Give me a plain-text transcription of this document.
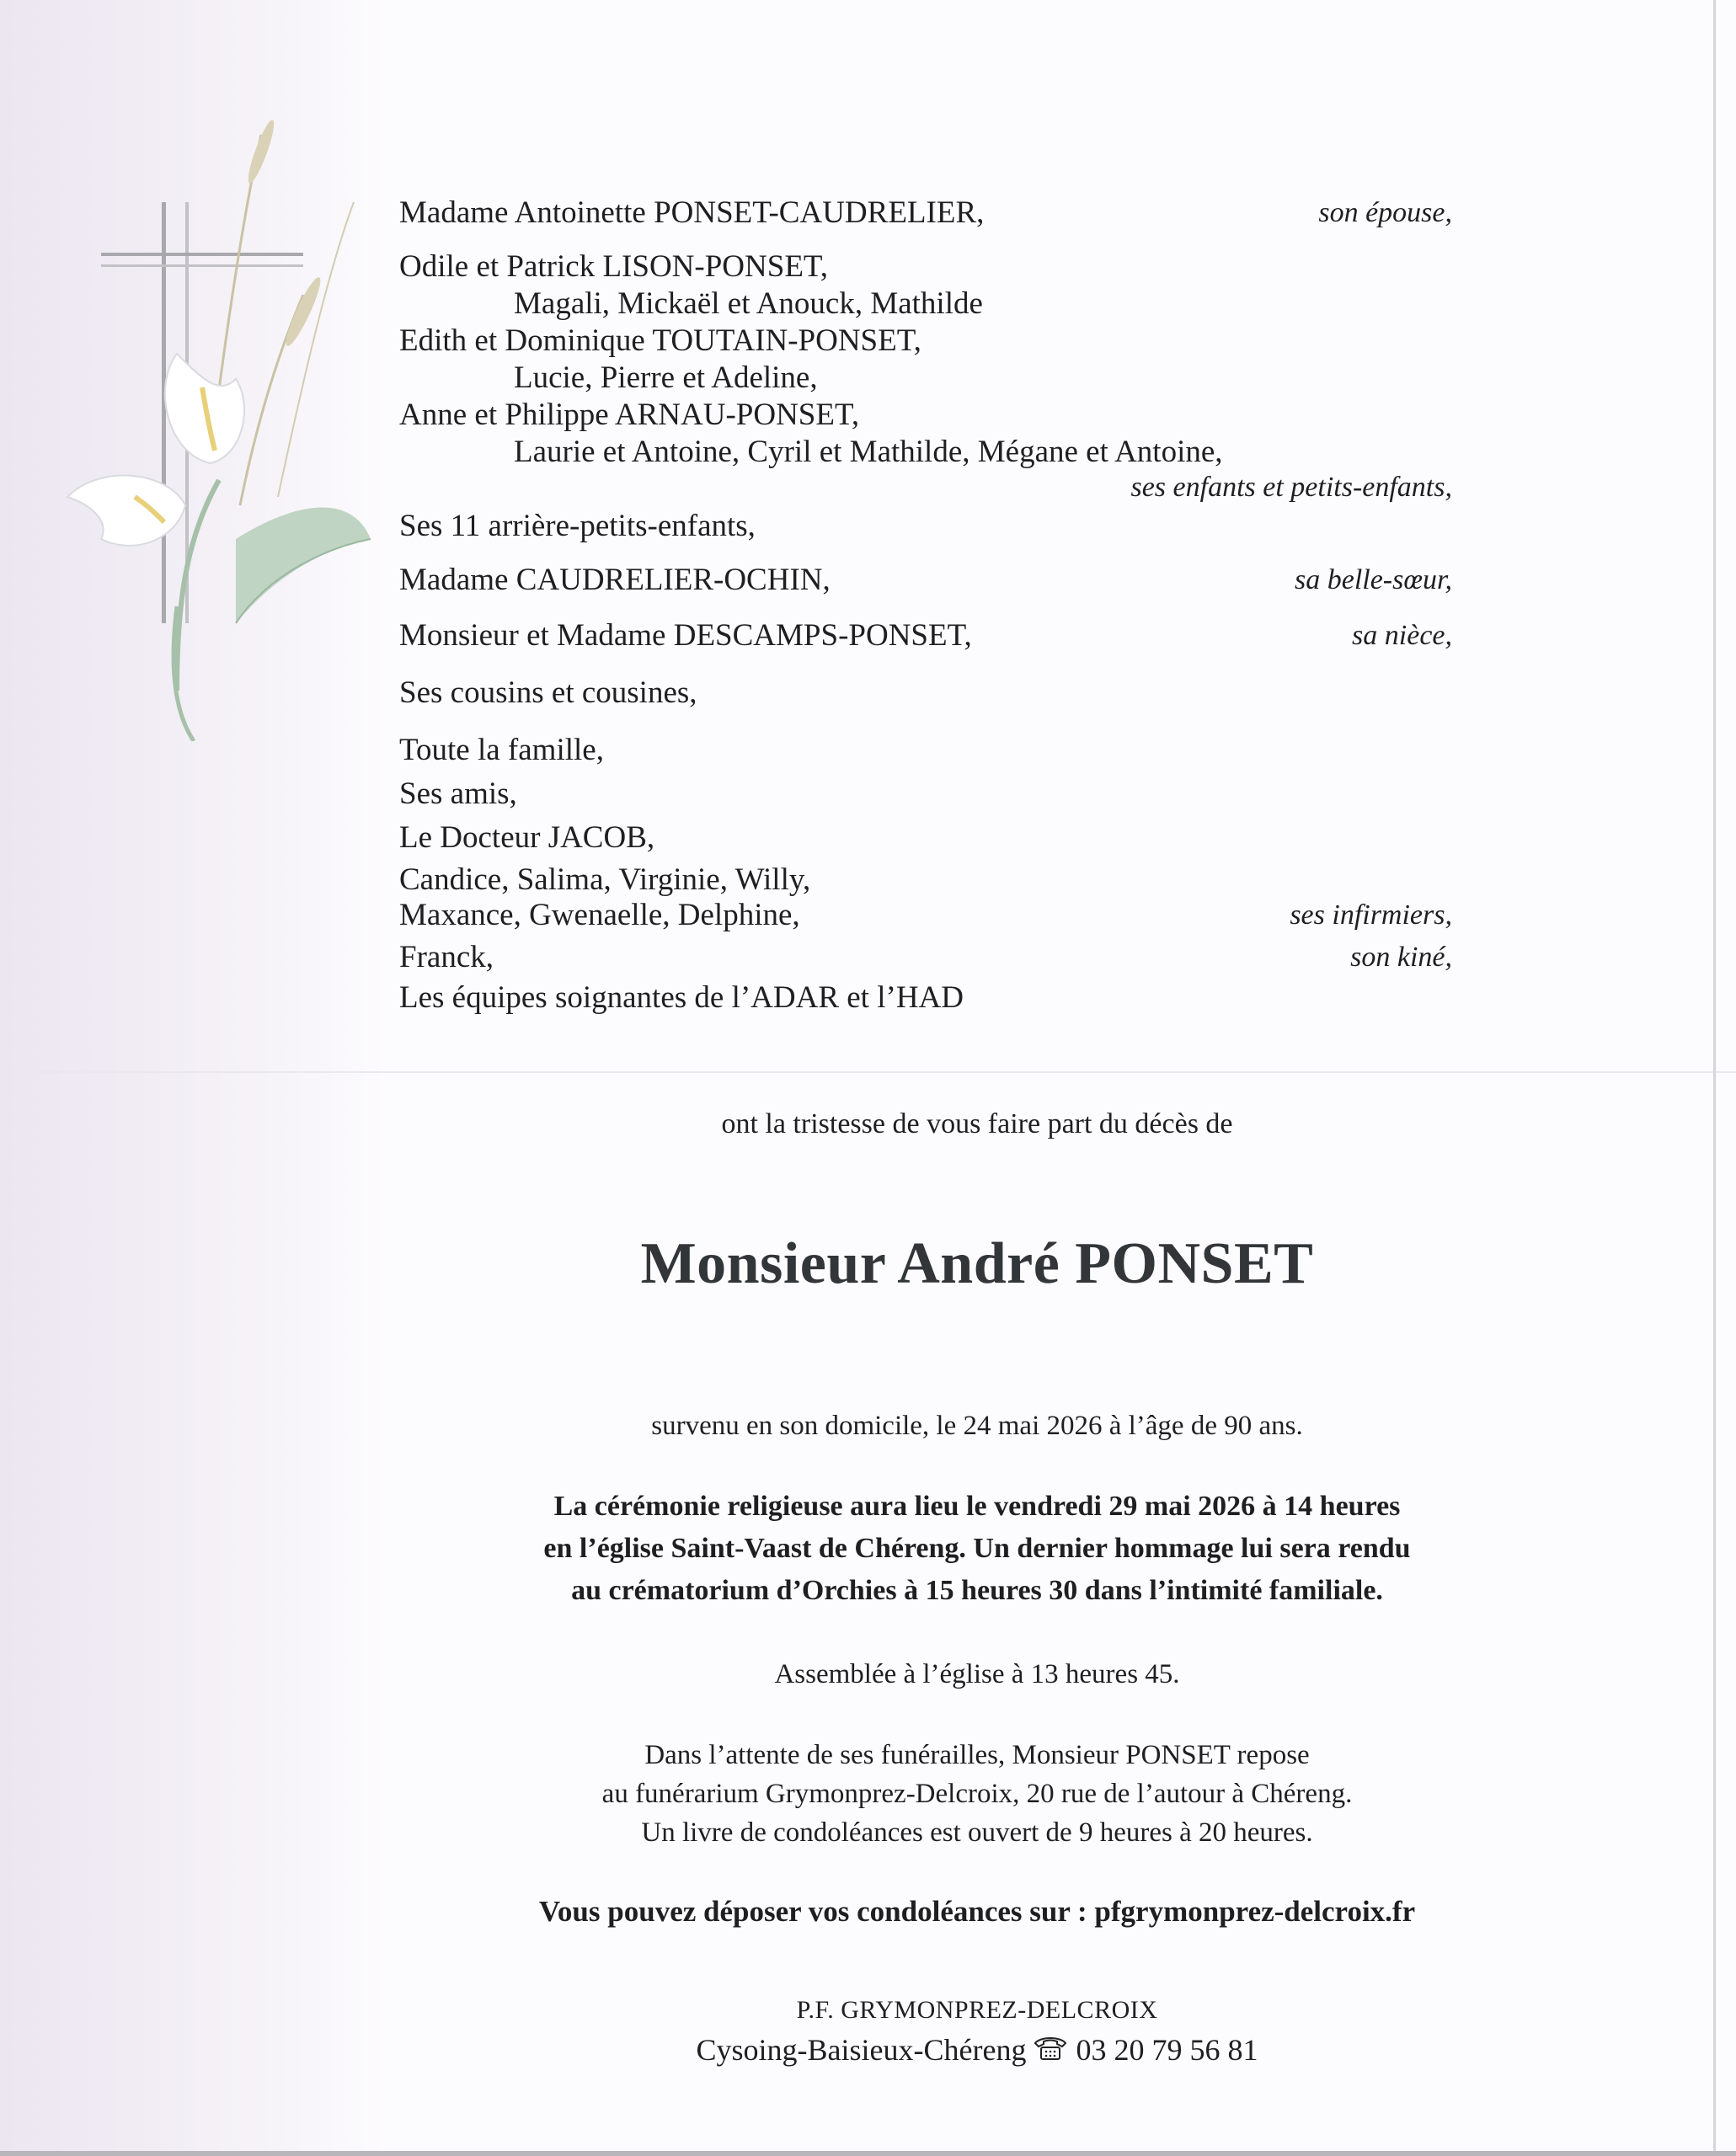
Madame Antoinette PONSET-CAUDRELIER,
Odile et Patrick LISON-PONSET,
Magali, Mickaël et Anouck, Mathilde
Edith et Dominique TOUTAIN-PONSET,
Lucie, Pierre et Adeline,
Anne et Philippe ARNAU-PONSET,
Laurie et Antoine, Cyril et Mathilde, Mégane et Antoine,
Ses 11 arrière-petits-enfants,
Madame CAUDRELIER-OCHIN,
Monsieur et Madame DESCAMPS-PONSET,
Ses cousins et cousines,
Toute la famille,
Ses amis,
Le Docteur JACOB,
Candice, Salima, Virginie, Willy,
Maxance, Gwenaelle, Delphine,
Franck,
Les équipes soignantes de l’ADAR et l’HAD
son épouse,
ses enfants et petits-enfants,
sa belle-sœur,
sa nièce,
ses infirmiers,
son kiné,
ont la tristesse de vous faire part du décès de
Monsieur André PONSET
survenu en son domicile, le 24 mai 2026 à l’âge de 90 ans.
La cérémonie religieuse aura lieu le vendredi 29 mai 2026 à 14 heures
en l’église Saint-Vaast de Chéreng. Un dernier hommage lui sera rendu
au crématorium d’Orchies à 15 heures 30 dans l’intimité familiale.
Assemblée à l’église à 13 heures 45.
Dans l’attente de ses funérailles, Monsieur PONSET repose
au funérarium Grymonprez-Delcroix, 20 rue de l’autour à Chéreng.
Un livre de condoléances est ouvert de 9 heures à 20 heures.
Vous pouvez déposer vos condoléances sur : pfgrymonprez-delcroix.fr
P.F. GRYMONPREZ-DELCROIX
Cysoing-Baisieux-Chéreng 03 20 79 56 81
